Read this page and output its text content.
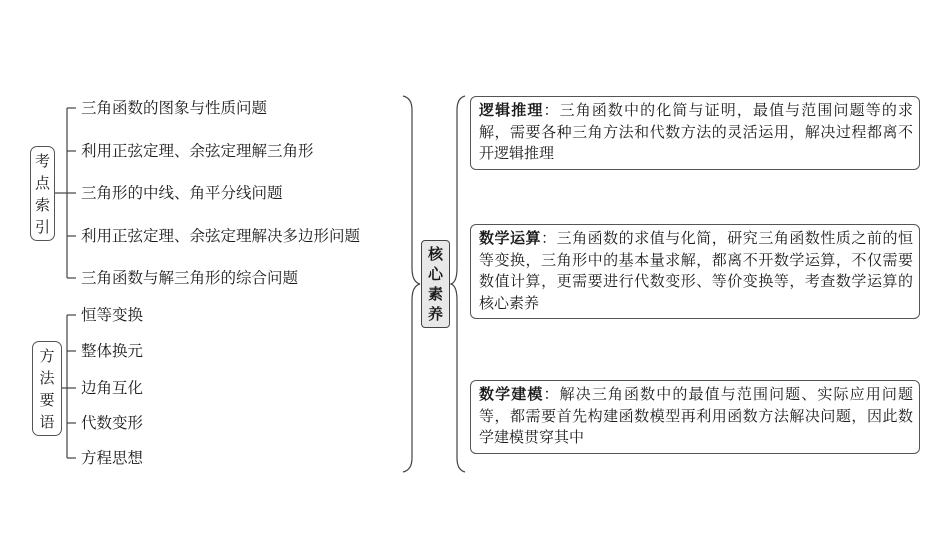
考
点
索
引
三角函数的图象与性质问题
利用正弦定理、余弦定理解三角形
三角形的中线、角平分线问题
利用正弦定理、余弦定理解决多边形问题
三角函数与解三角形的综合问题
方
法
要
语
恒等变换
整体换元
边角互化
代数变形
方程思想
核
心
素
养
逻辑推理：三角函数中的化简与证明，最值与范围问题等的求解，需要各种三角方法和代数方法的灵活运用，解决过程都离不开逻辑推理
数学运算：三角函数的求值与化简，研究三角函数性质之前的恒等变换，三角形中的基本量求解，都离不开数学运算，不仅需要数值计算，更需要进行代数变形、等价变换等，考查数学运算的核心素养
数学建模：解决三角函数中的最值与范围问题、实际应用问题等，都需要首先构建函数模型再利用函数方法解决问题，因此数学建模贯穿其中
